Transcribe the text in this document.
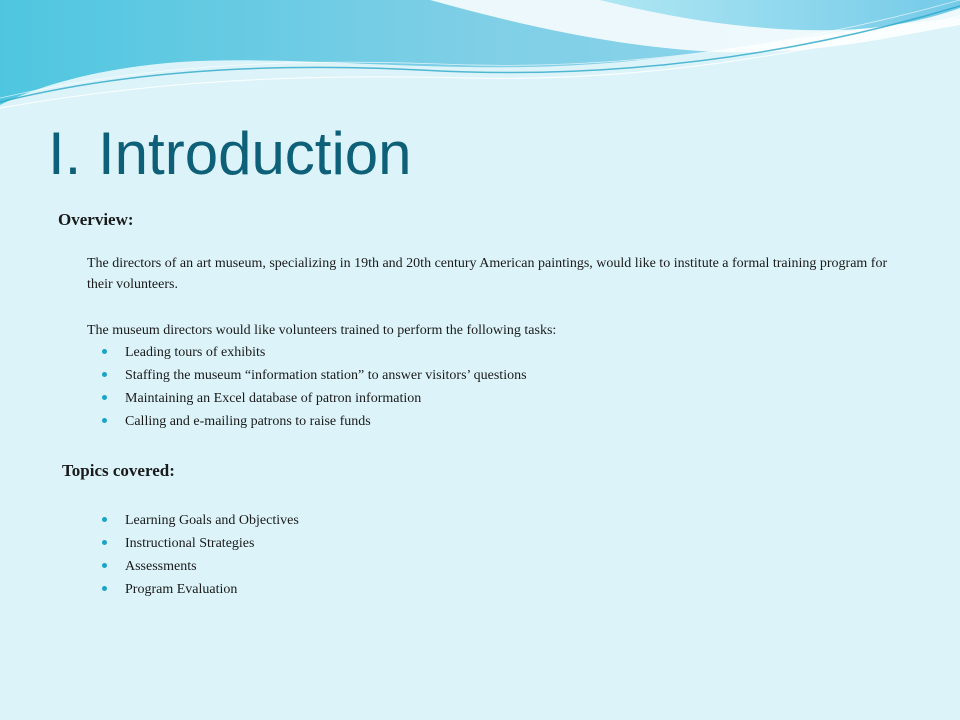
I. Introduction
Overview:

The directors of an art museum, specializing in 19th and 20th century American paintings, would like to institute a formal training program for their volunteers.

The museum directors would like volunteers trained to perform the following tasks:

Leading tours of exhibits
Staffing the museum “information station” to answer visitors’ questions
Maintaining an Excel database of patron information
Calling and e-mailing patrons to raise funds
Topics covered:
Learning Goals and Objectives
Instructional Strategies
Assessments
Program Evaluation
